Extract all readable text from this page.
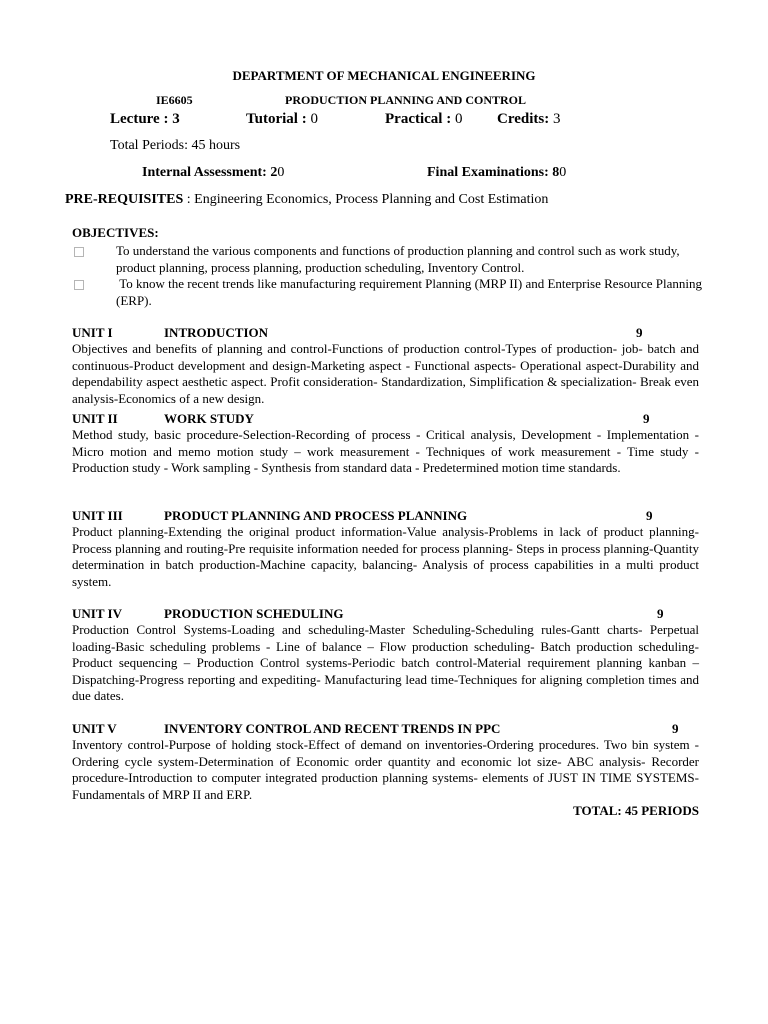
DEPARTMENT OF MECHANICAL ENGINEERING
IE6605	PRODUCTION PLANNING AND CONTROL
Lecture : 3	Tutorial : 0	Practical : 0 Credits: 3
Total Periods: 45 hours
Internal Assessment: 20	Final Examinations: 80
PRE-REQUISITES : Engineering Economics, Process Planning and Cost Estimation
OBJECTIVES:
To understand the various components and functions of production planning and control such as work study, product planning, process planning, production scheduling, Inventory Control.
To know the recent trends like manufacturing requirement Planning (MRP II) and Enterprise Resource Planning (ERP).
UNIT I	INTRODUCTION	9
Objectives and benefits of planning and control-Functions of production control-Types of production- job- batch and continuous-Product development and design-Marketing aspect - Functional aspects- Operational aspect-Durability and dependability aspect aesthetic aspect. Profit consideration- Standardization, Simplification & specialization- Break even analysis-Economics of a new design.
UNIT II	WORK STUDY	9
Method study, basic procedure-Selection-Recording of process - Critical analysis, Development - Implementation - Micro motion and memo motion study – work measurement - Techniques of work measurement - Time study - Production study - Work sampling - Synthesis from standard data - Predetermined motion time standards.
UNIT III	PRODUCT PLANNING AND PROCESS PLANNING	9
Product planning-Extending the original product information-Value analysis-Problems in lack of product planning-Process planning and routing-Pre requisite information needed for process planning- Steps in process planning-Quantity determination in batch production-Machine capacity, balancing- Analysis of process capabilities in a multi product system.
UNIT IV	PRODUCTION SCHEDULING	9
Production Control Systems-Loading and scheduling-Master Scheduling-Scheduling rules-Gantt charts- Perpetual loading-Basic scheduling problems - Line of balance – Flow production scheduling- Batch production scheduling-Product sequencing – Production Control systems-Periodic batch control-Material requirement planning kanban – Dispatching-Progress reporting and expediting- Manufacturing lead time-Techniques for aligning completion times and due dates.
UNIT V	INVENTORY CONTROL AND RECENT TRENDS IN PPC	9
Inventory control-Purpose of holding stock-Effect of demand on inventories-Ordering procedures. Two bin system -Ordering cycle system-Determination of Economic order quantity and economic lot size- ABC analysis- Recorder procedure-Introduction to computer integrated production planning systems- elements of JUST IN TIME SYSTEMS-Fundamentals of MRP II and ERP.
TOTAL: 45 PERIODS
